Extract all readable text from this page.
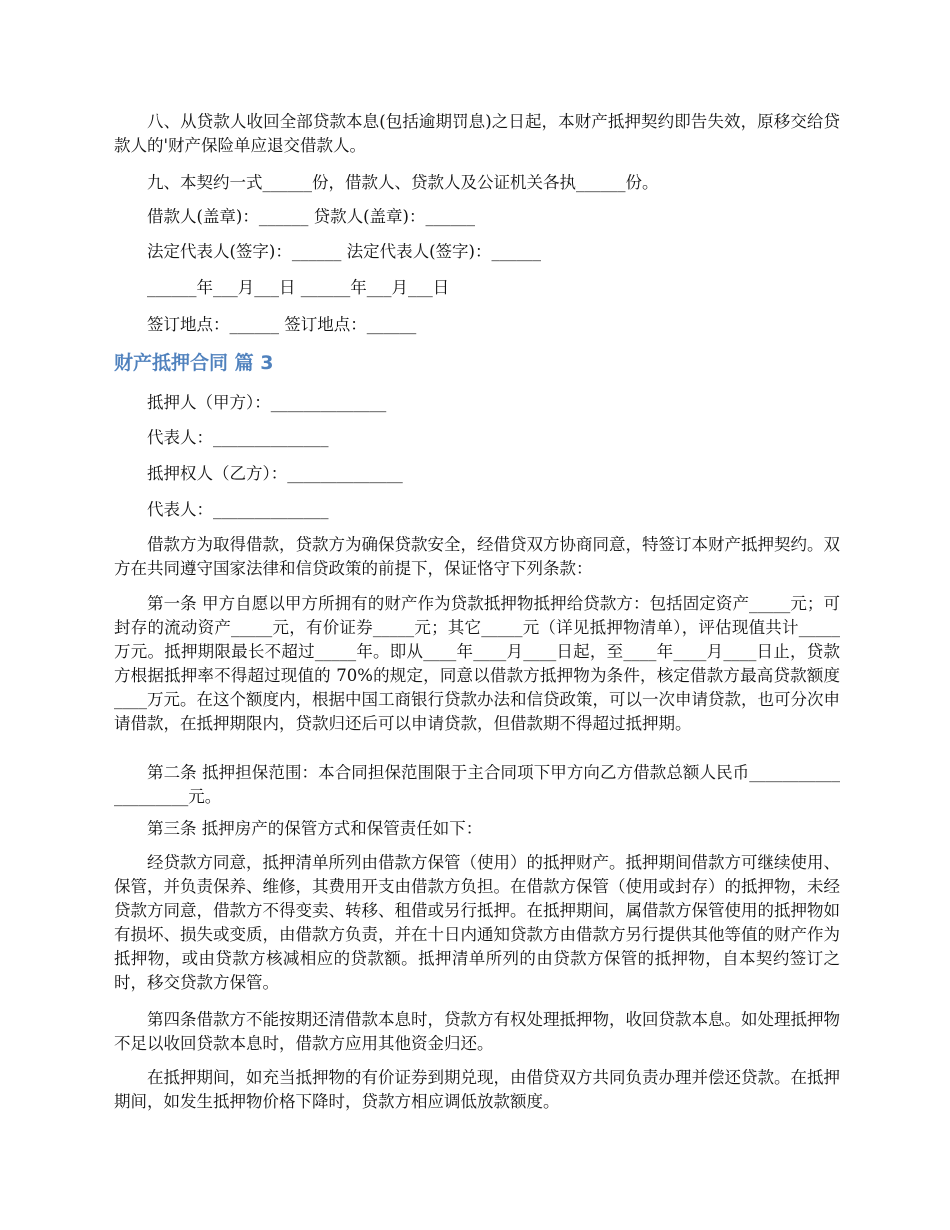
八、从贷款人收回全部贷款本息(包括逾期罚息)之日起，本财产抵押契约即告失效，原移交给贷款人的'财产保险单应退交借款人。

九、本契约一式______份，借款人、贷款人及公证机关各执______份。

借款人(盖章)：______ 贷款人(盖章)：______

法定代表人(签字)：______ 法定代表人(签字)：______

______年___月___日 ______年___月___日

签订地点：______ 签订地点：______

财产抵押合同 篇 3

抵押人（甲方）：______________

代表人：______________

抵押权人（乙方）：______________

代表人：______________

借款方为取得借款，贷款方为确保贷款安全，经借贷双方协商同意，特签订本财产抵押契约。双方在共同遵守国家法律和信贷政策的前提下，保证恪守下列条款：

第一条 甲方自愿以甲方所拥有的财产作为贷款抵押物抵押给贷款方：包括固定资产_____元；可封存的流动资产_____元，有价证券_____元；其它_____元（详见抵押物清单），评估现值共计_____万元。抵押期限最长不超过_____年。即从____年____月____日起，至____年____月____日止，贷款方根据抵押率不得超过现值的 70%的规定，同意以借款方抵押物为条件，核定借款方最高贷款额度____万元。在这个额度内，根据中国工商银行贷款办法和信贷政策，可以一次申请贷款，也可分次申请借款，在抵押期限内，贷款归还后可以申请贷款，但借款期不得超过抵押期。

第二条 抵押担保范围：本合同担保范围限于主合同项下甲方向乙方借款总额人民币____________________元。

第三条 抵押房产的保管方式和保管责任如下：

经贷款方同意，抵押清单所列由借款方保管（使用）的抵押财产。抵押期间借款方可继续使用、保管，并负责保养、维修，其费用开支由借款方负担。在借款方保管（使用或封存）的抵押物，未经贷款方同意，借款方不得变卖、转移、租借或另行抵押。在抵押期间，属借款方保管使用的抵押物如有损坏、损失或变质，由借款方负责，并在十日内通知贷款方由借款方另行提供其他等值的财产作为抵押物，或由贷款方核减相应的贷款额。抵押清单所列的由贷款方保管的抵押物，自本契约签订之时，移交贷款方保管。

第四条借款方不能按期还清借款本息时，贷款方有权处理抵押物，收回贷款本息。如处理抵押物不足以收回贷款本息时，借款方应用其他资金归还。

在抵押期间，如充当抵押物的有价证券到期兑现，由借贷双方共同负责办理并偿还贷款。在抵押期间，如发生抵押物价格下降时，贷款方相应调低放款额度。
